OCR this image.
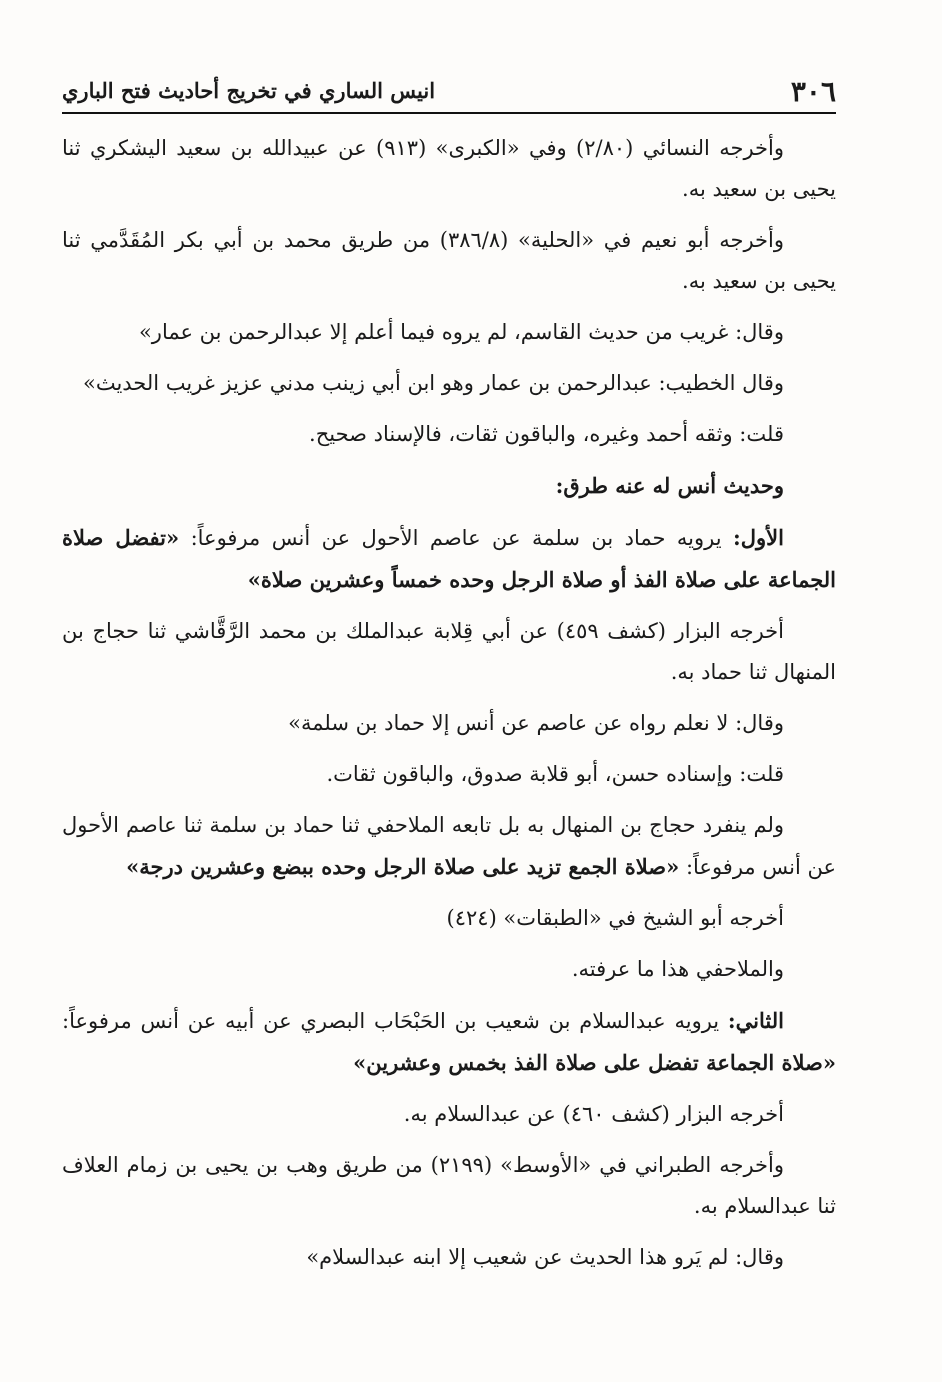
٣٠٦
انيس الساري في تخريج أحاديث فتح الباري

وأخرجه النسائي (٢/٨٠) وفي «الكبرى» (٩١٣) عن عبيدالله بن سعيد اليشكري ثنا يحيى بن سعيد به.

وأخرجه أبو نعيم في «الحلية» (٣٨٦/٨) من طريق محمد بن أبي بكر المُقَدَّمي ثنا يحيى بن سعيد به.

وقال: غريب من حديث القاسم، لم يروه فيما أعلم إلا عبدالرحمن بن عمار»

وقال الخطيب: عبدالرحمن بن عمار وهو ابن أبي زينب مدني عزيز غريب الحديث»

قلت: وثقه أحمد وغيره، والباقون ثقات، فالإسناد صحيح.

وحديث أنس له عنه طرق:

الأول: يرويه حماد بن سلمة عن عاصم الأحول عن أنس مرفوعاً: «تفضل صلاة الجماعة على صلاة الفذ أو صلاة الرجل وحده خمساً وعشرين صلاة»

أخرجه البزار (كشف ٤٥٩) عن أبي قِلابة عبدالملك بن محمد الرَّقَّاشي ثنا حجاج بن المنهال ثنا حماد به.

وقال: لا نعلم رواه عن عاصم عن أنس إلا حماد بن سلمة»

قلت: وإسناده حسن، أبو قلابة صدوق، والباقون ثقات.

ولم ينفرد حجاج بن المنهال به بل تابعه الملاحفي ثنا حماد بن سلمة ثنا عاصم الأحول عن أنس مرفوعاً: «صلاة الجمع تزيد على صلاة الرجل وحده ببضع وعشرين درجة»

أخرجه أبو الشيخ في «الطبقات» (٤٢٤)

والملاحفي هذا ما عرفته.

الثاني: يرويه عبدالسلام بن شعيب بن الحَبْحَاب البصري عن أبيه عن أنس مرفوعاً: «صلاة الجماعة تفضل على صلاة الفذ بخمس وعشرين»

أخرجه البزار (كشف ٤٦٠) عن عبدالسلام به.

وأخرجه الطبراني في «الأوسط» (٢١٩٩) من طريق وهب بن يحيى بن زمام العلاف ثنا عبدالسلام به.

وقال: لم يَرو هذا الحديث عن شعيب إلا ابنه عبدالسلام»
